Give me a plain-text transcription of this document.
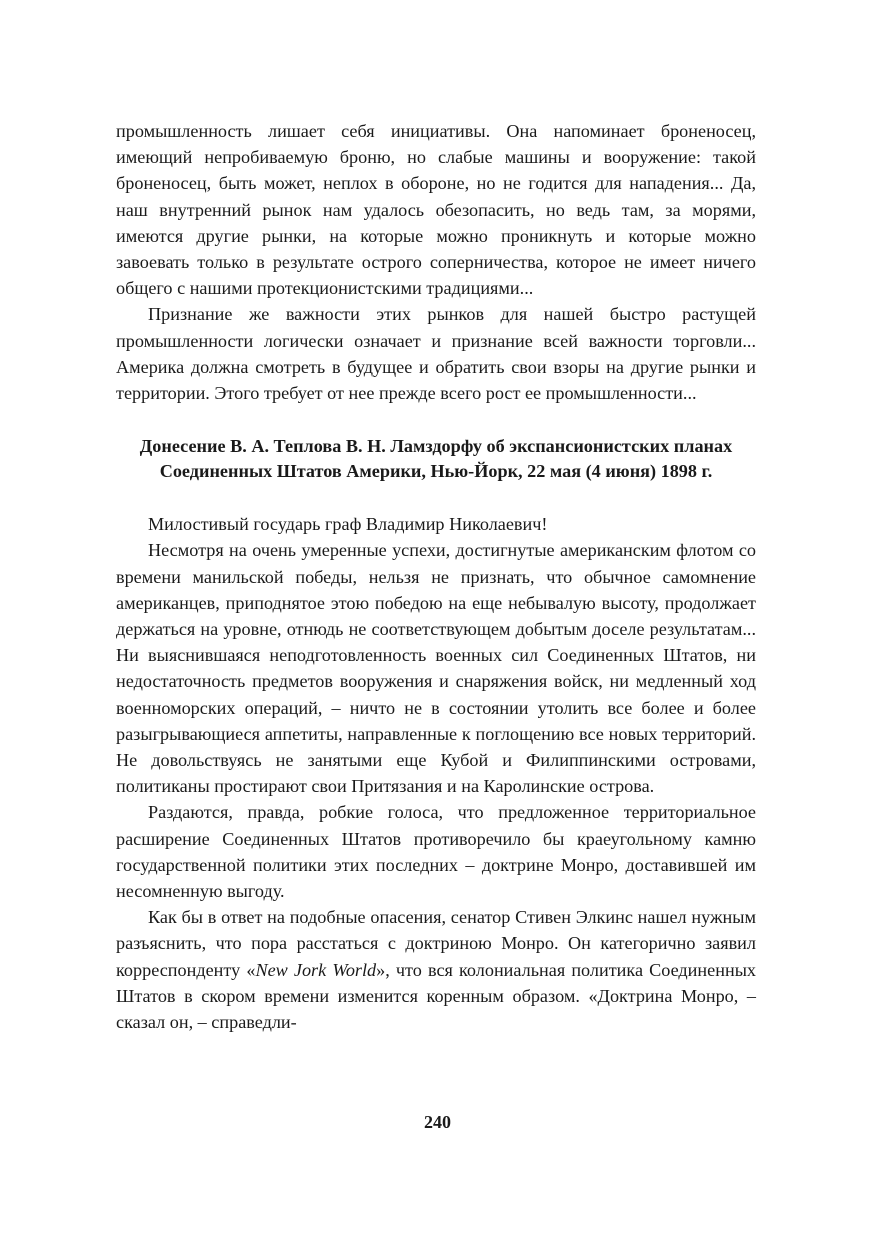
промышленность лишает себя инициативы. Она напоминает броненосец, имеющий непробиваемую броню, но слабые машины и вооружение: такой броненосец, быть может, неплох в обороне, но не годится для нападения... Да, наш внутренний рынок нам удалось обезопасить, но ведь там, за морями, имеются другие рынки, на которые можно проникнуть и которые можно завоевать только в результате острого соперничества, которое не имеет ничего общего с нашими протекционистскими традициями...

Признание же важности этих рынков для нашей быстро растущей промышленности логически означает и признание всей важности торговли... Америка должна смотреть в будущее и обратить свои взоры на другие рынки и территории. Этого требует от нее прежде всего рост ее промышленности...

Донесение В. А. Теплова В. Н. Ламздорфу об экспансионистских планах Соединенных Штатов Америки, Нью-Йорк, 22 мая (4 июня) 1898 г.

Милостивый государь граф Владимир Николаевич!

Несмотря на очень умеренные успехи, достигнутые американским флотом со времени манильской победы, нельзя не признать, что обычное самомнение американцев, приподнятое этою победою на еще небывалую высоту, продолжает держаться на уровне, отнюдь не соответствующем добытым доселе результатам... Ни выяснившаяся неподготовленность военных сил Соединенных Штатов, ни недостаточность предметов вооружения и снаряжения войск, ни медленный ход военноморских операций, – ничто не в состоянии утолить все более и более разыгрывающиеся аппетиты, направленные к поглощению все новых территорий. Не довольствуясь не занятыми еще Кубой и Филиппинскими островами, политиканы простирают свои Притязания и на Каролинские острова.

Раздаются, правда, робкие голоса, что предложенное территориальное расширение Соединенных Штатов противоречило бы краеугольному камню государственной политики этих последних – доктрине Монро, доставившей им несомненную выгоду.

Как бы в ответ на подобные опасения, сенатор Стивен Элкинс нашел нужным разъяснить, что пора расстаться с доктриною Монро. Он категорично заявил корреспонденту «New Jork World», что вся колониальная политика Соединенных Штатов в скором времени изменится коренным образом. «Доктрина Монро, – сказал он, – справедли-

240
